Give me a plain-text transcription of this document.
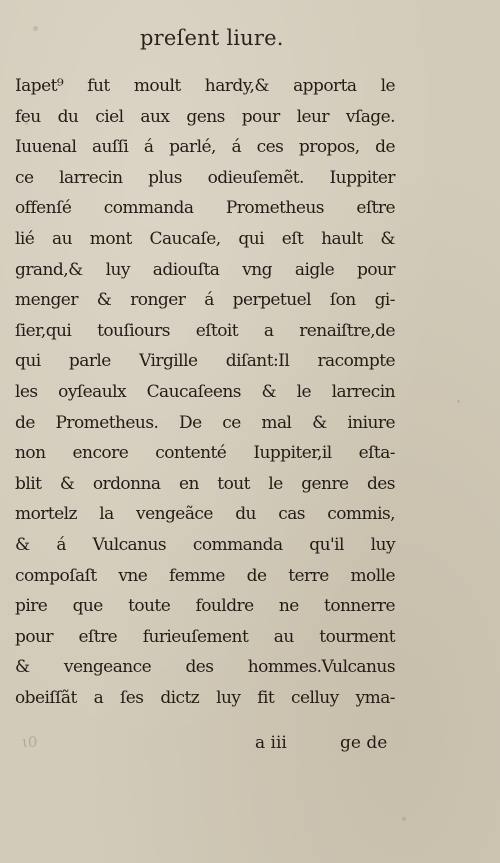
preſent liure.
Iapet⁹ fut moult hardy,& apporta le
feu du ciel aux gens pour leur vſage.
Iuuenal auſſi á parlé, á ces propos, de
ce larrecin plus odieuſemẽt. Iuppiter
offenſé commanda Prometheus eſtre
lié au mont Caucaſe, qui eſt hault &
grand,& luy adiouſta vng aigle pour
menger & ronger á perpetuel ſon gi-
ſier,qui touſiours eſtoit a renaiſtre,de
qui parle Virgille diſant:Il racompte
les oyſeaulx Caucaſeens & le larrecin
de Prometheus. De ce mal & iniure
non encore contenté Iuppiter,il eſta-
blit & ordonna en tout le genre des
mortelz la vengeãce du cas commis,
& á Vulcanus commanda qu'il luy
compoſaſt vne femme de terre molle
pire que toute fouldre ne tonnerre
pour eſtre furieuſement au tourment
& vengeance des hommes.Vulcanus
obeiſſãt a ſes dictz luy fit celluy yma-
ι0	a iii	ge de
